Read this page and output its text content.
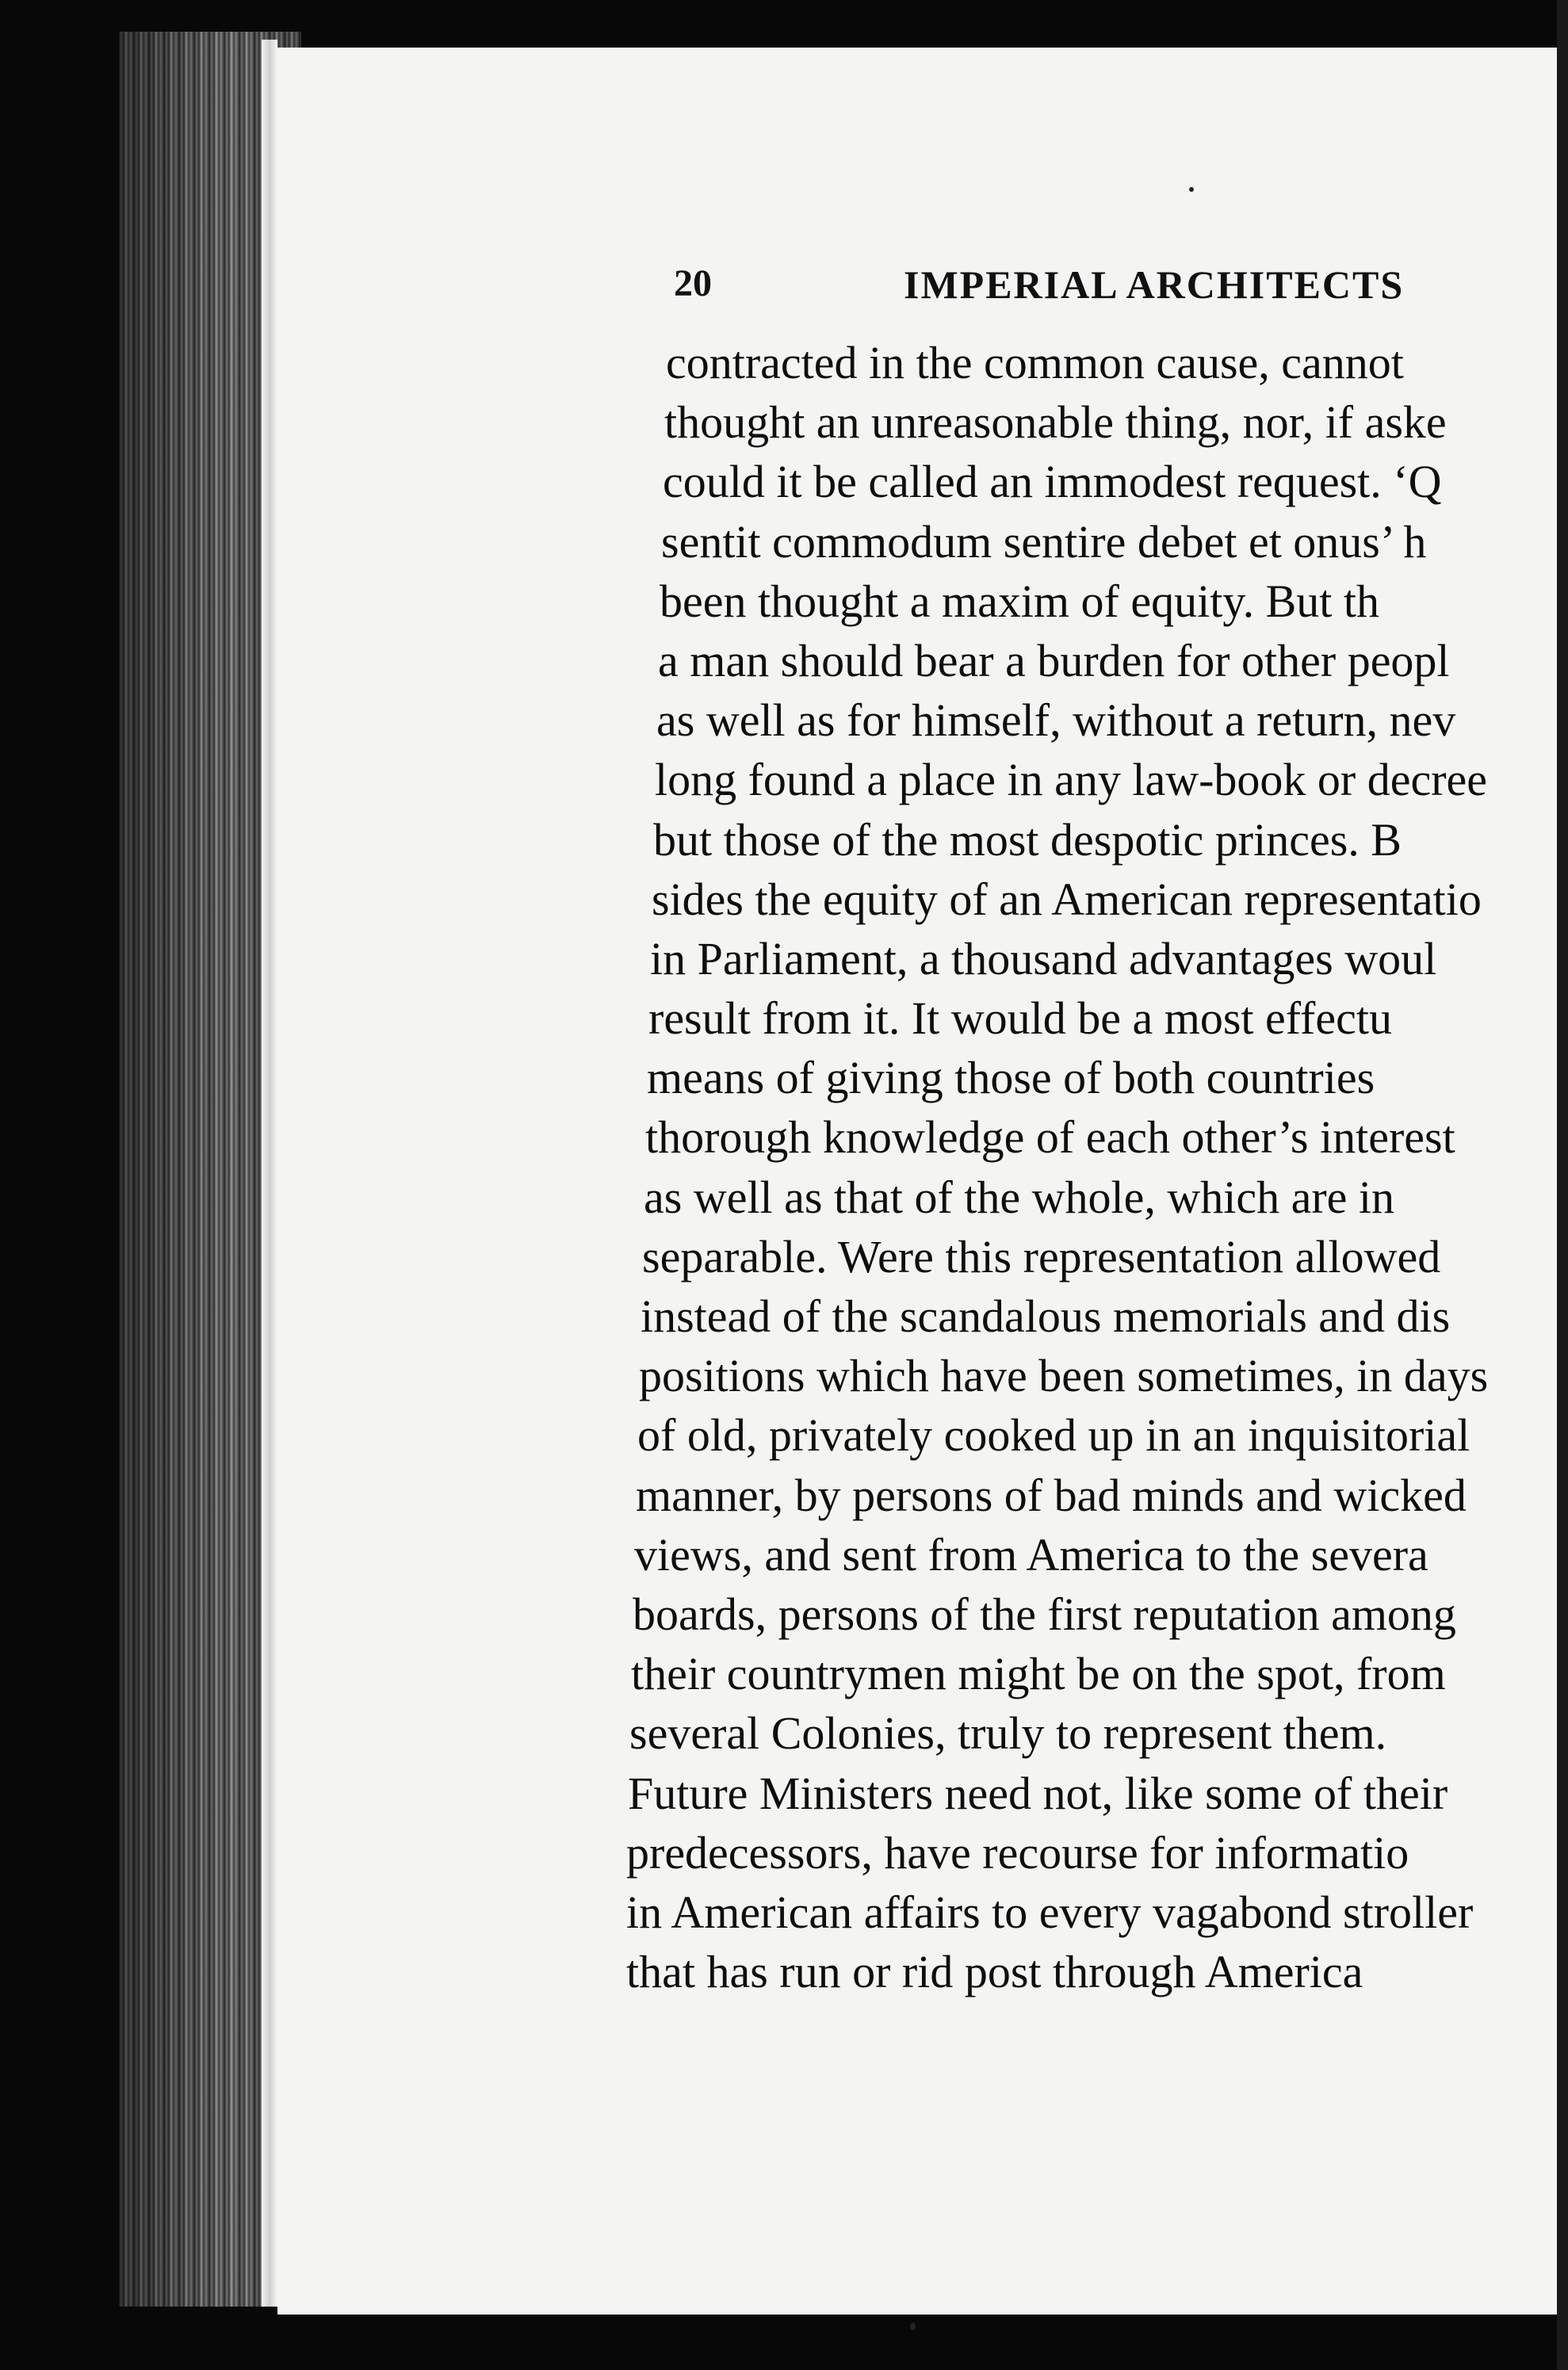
20	IMPERIAL ARCHITECTS
contracted in the common cause, cannot
thought an unreasonable thing, nor, if aske
could it be called an immodest request. ‘Q
sentit commodum sentire debet et onus’ h
been thought a maxim of equity. But th
a man should bear a burden for other peopl
as well as for himself, without a return, nev
long found a place in any law-book or decree
but those of the most despotic princes. B
sides the equity of an American representatio
in Parliament, a thousand advantages woul
result from it. It would be a most effectu
means of giving those of both countries
thorough knowledge of each other’s interest
as well as that of the whole, which are in
separable. Were this representation allowed
instead of the scandalous memorials and dis
positions which have been sometimes, in days
of old, privately cooked up in an inquisitorial
manner, by persons of bad minds and wicked
views, and sent from America to the severa
boards, persons of the first reputation among
their countrymen might be on the spot, from
several Colonies, truly to represent them.
Future Ministers need not, like some of their
predecessors, have recourse for informatio
in American affairs to every vagabond stroller
that has run or rid post through America
